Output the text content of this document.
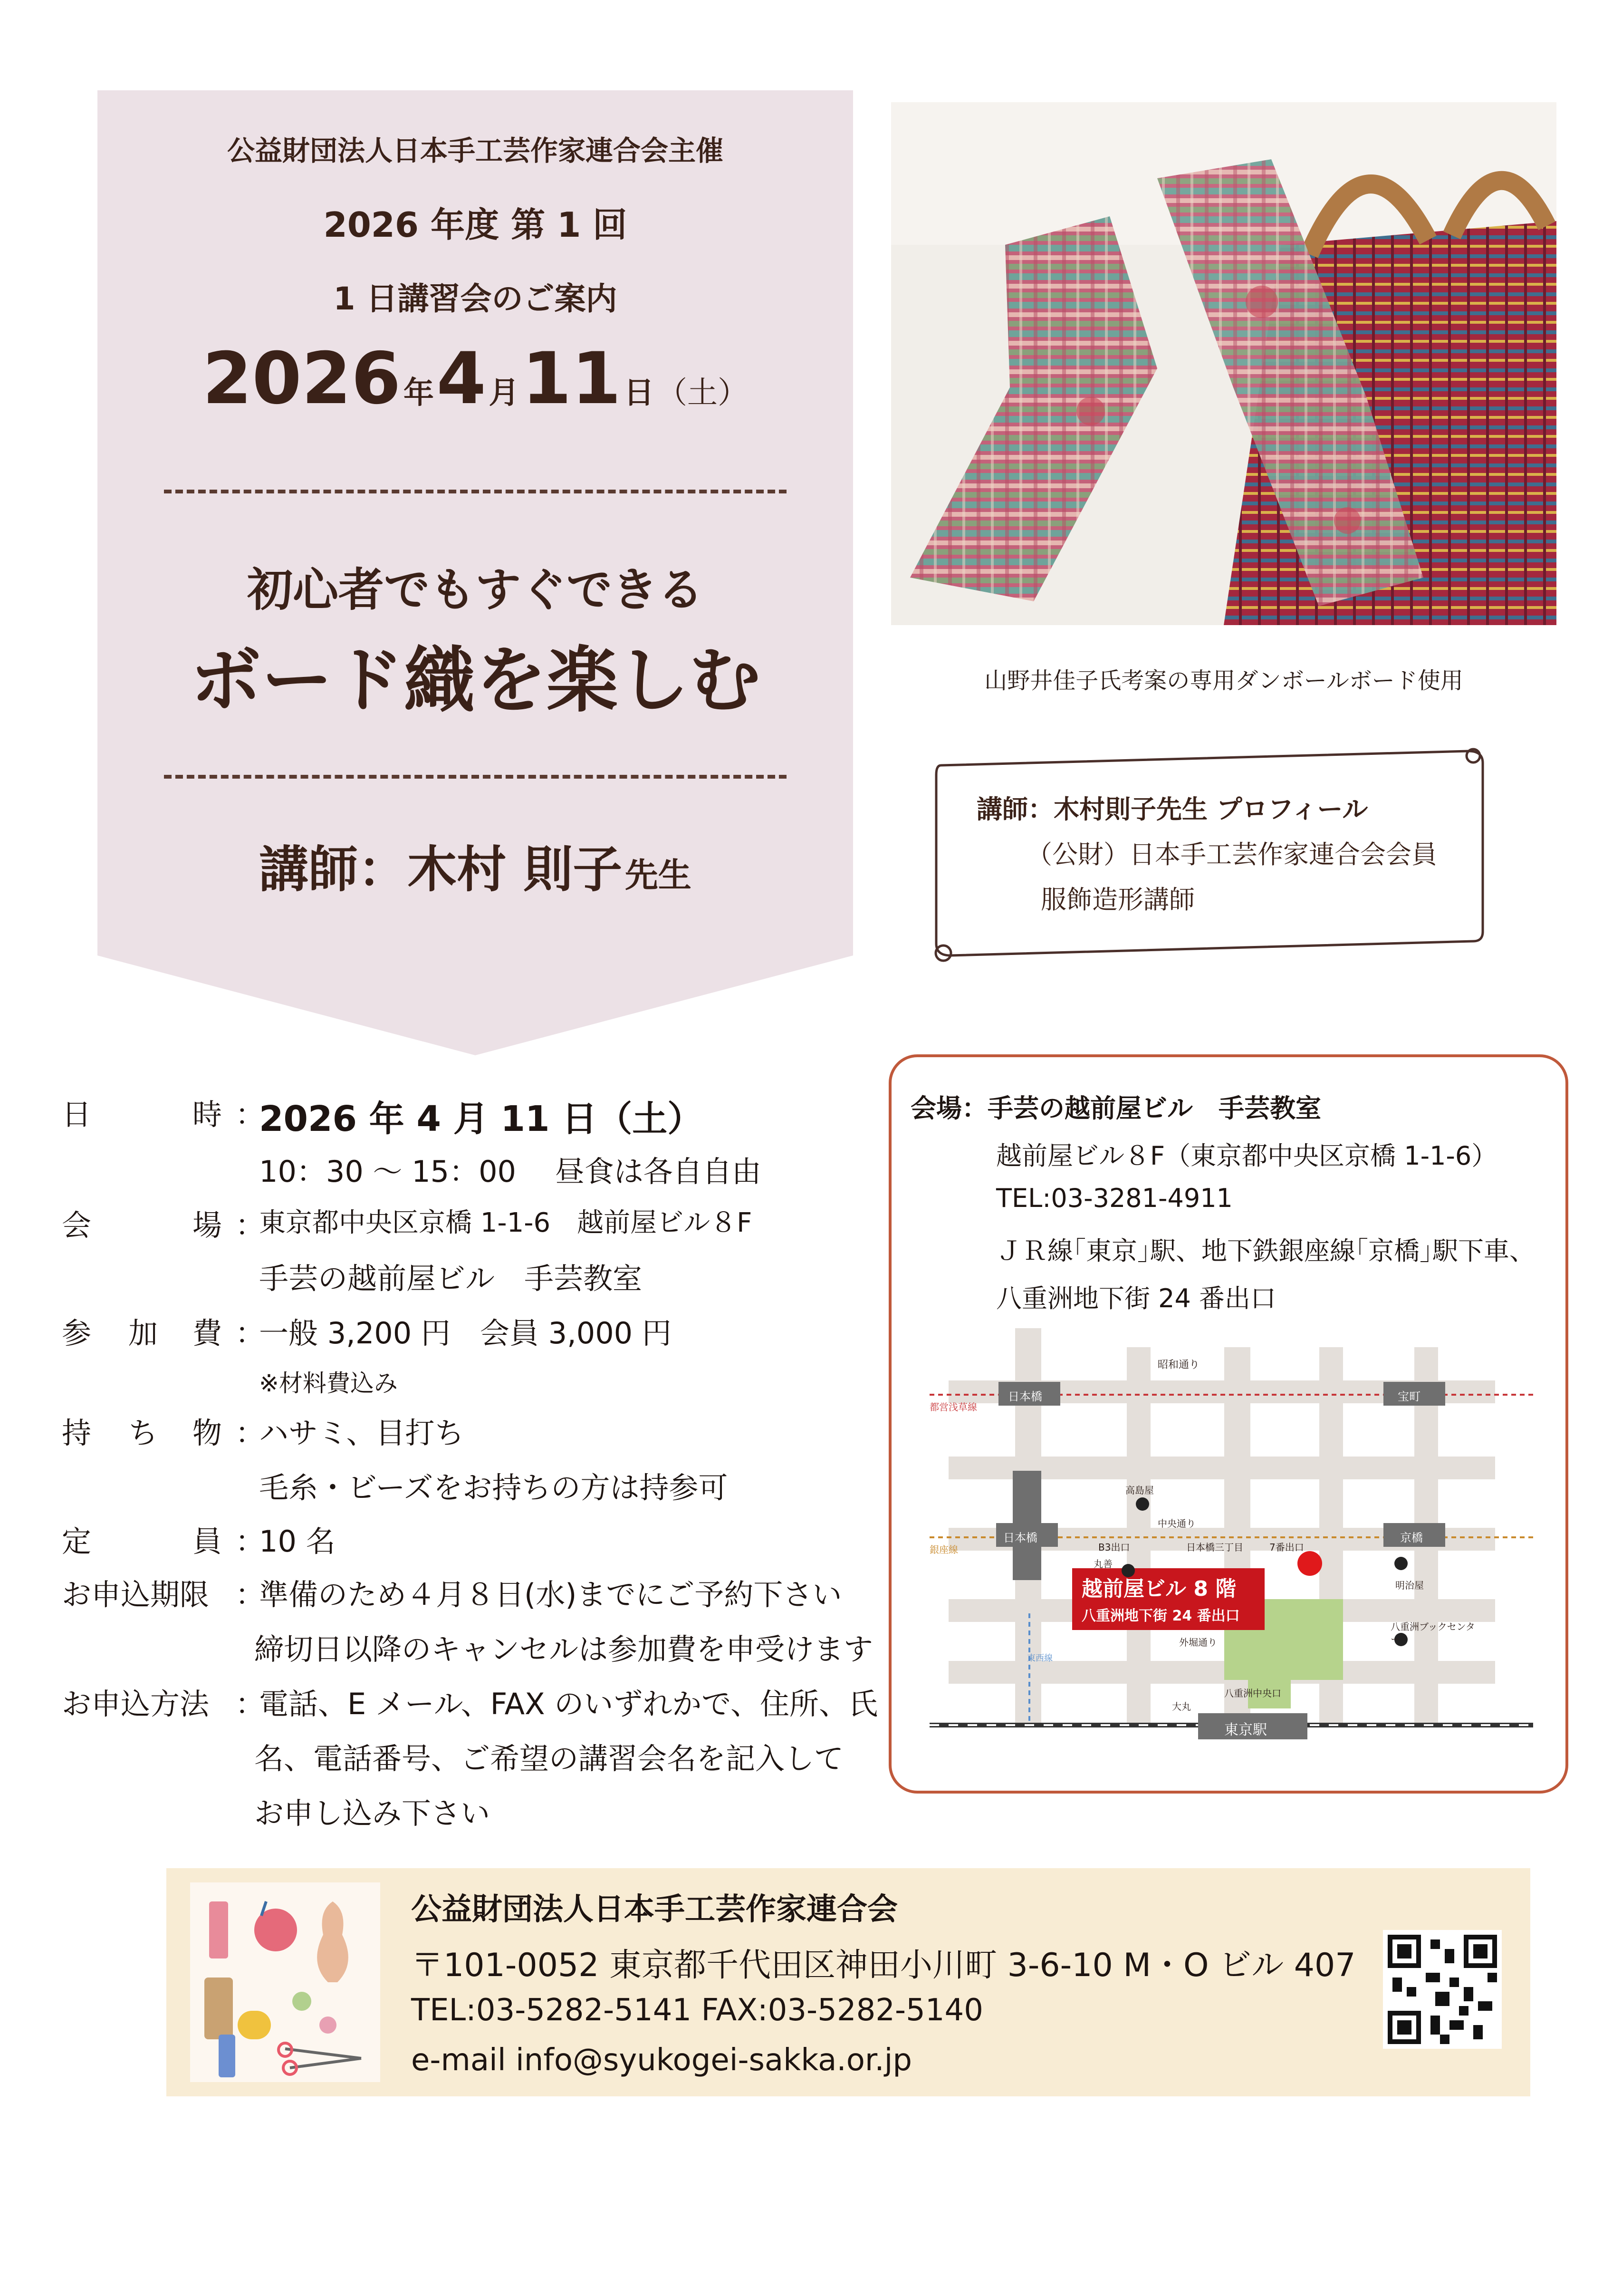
公益財団法人日本手工芸作家連合会主催
2026 年度 第 1 回
1 日講習会のご案内
2026 年 4 月 11 日 （土）
初心者でもすぐできる
ボード織を楽しむ
講師：木村 則子 先生
山野井佳子氏考案の専用ダンボールボード使用
講師：木村則子先生 プロフィール
（公財）日本手工芸作家連合会会員
服飾造形講師
日	時 ：
2026 年 4 月 11 日（土）
10：30 ～ 15：00　 昼食は各自自由
会	場 ：
東京都中央区京橋 1-1-6　越前屋ビル８F
手芸の越前屋ビル　手芸教室
参 加 費 ：
一般 3,200 円　会員 3,000 円
※材料費込み
持 ち 物 ：
ハサミ、目打ち
毛糸・ビーズをお持ちの方は持参可
定	員 ：
10 名
お申込期限 ：
準備のため４月８日(水)までにご予約下さい
締切日以降のキャンセルは参加費を申受けます
お申込方法 ：
電話、E メール、FAX のいずれかで、住所、氏
名、電話番号、ご希望の講習会名を記入して
お申し込み下さい
会場：手芸の越前屋ビル　手芸教室
越前屋ビル８F（東京都中央区京橋 1-1-6）
TEL:03-3281-4911
ＪＲ線｢東京｣駅、地下鉄銀座線｢京橋｣駅下車、
八重洲地下街 24 番出口
昭和通り
都営浅草線
日本橋	宝町
高島屋
中央通り
銀座線
日本橋	京橋
B3出口	日本橋三丁目	7番出口
丸善
明治屋
越前屋ビル 8 階
八重洲地下街 24 番出口
外堀通り
八重洲ブックセンター
東西線
八重洲中央口
大丸
東京駅
公益財団法人日本手工芸作家連合会
〒101-0052 東京都千代田区神田小川町 3-6-10 M・O ビル 407
TEL:03-5282-5141 FAX:03-5282-5140
e-mail info@syukogei-sakka.or.jp
